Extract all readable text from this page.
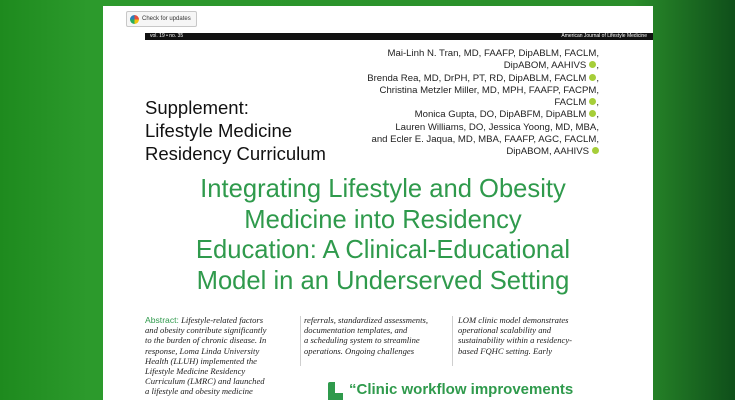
Check for updates
vol. 19 • no. 35	American Journal of Lifestyle Medicine
Mai-Linh N. Tran, MD, FAAFP, DipABLM, FACLM,
DipABOM, AAHIVS ,
Brenda Rea, MD, DrPH, PT, RD, DipABLM, FACLM ,
Christina Metzler Miller, MD, MPH, FAAFP, FACPM,
FACLM ,
Monica Gupta, DO, DipABFM, DipABLM ,
Lauren Williams, DO, Jessica Yoong, MD, MBA,
and Ecler E. Jaqua, MD, MBA, FAAFP, AGC, FACLM,
DipABOM, AAHIVS
Supplement:
Lifestyle Medicine
Residency Curriculum
Integrating Lifestyle and Obesity
Medicine into Residency
Education: A Clinical-Educational
Model in an Underserved Setting
Abstract: Lifestyle-related factors
and obesity contribute significantly
to the burden of chronic disease. In
response, Loma Linda University
Health (LLUH) implemented the
Lifestyle Medicine Residency
Curriculum (LMRC) and launched
a lifestyle and obesity medicine
referrals, standardized assessments,
documentation templates, and
a scheduling system to streamline
operations. Ongoing challenges
LOM clinic model demonstrates
operational scalability and
sustainability within a residency-
based FQHC setting. Early
“Clinic workflow improvements
